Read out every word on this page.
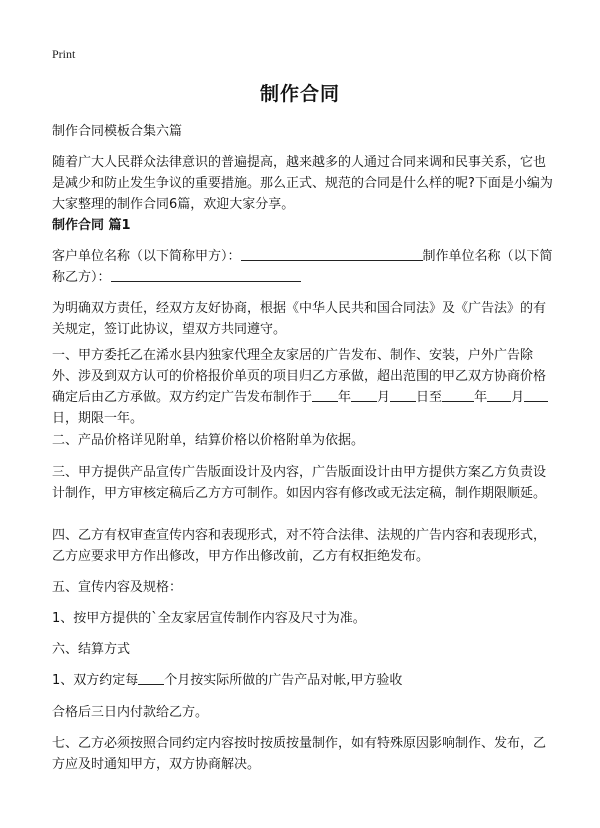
Print
制作合同

制作合同模板合集六篇

随着广大人民群众法律意识的普遍提高，越来越多的人通过合同来调和民事关系，它也是减少和防止发生争议的重要措施。那么正式、规范的合同是什么样的呢?下面是小编为大家整理的制作合同6篇，欢迎大家分享。

制作合同 篇1

客户单位名称（以下简称甲方）：	制作单位名称（以下简称乙方）：

为明确双方责任，经双方友好协商，根据《中华人民共和国合同法》及《广告法》的有关规定，签订此协议，望双方共同遵守。

一、甲方委托乙在浠水县内独家代理全友家居的广告发布、制作、安装，户外广告除外、涉及到双方认可的价格报价单页的项目归乙方承做，超出范围的甲乙双方协商价格确定后由乙方承做。双方约定广告发布制作于 年 月 日至 年 月日，期限一年。

二、产品价格详见附单，结算价格以价格附单为依据。

三、甲方提供产品宣传广告版面设计及内容，广告版面设计由甲方提供方案乙方负责设计制作，甲方审核定稿后乙方方可制作。如因内容有修改或无法定稿，制作期限顺延。

四、乙方有权审查宣传内容和表现形式，对不符合法律、法规的广告内容和表现形式，乙方应要求甲方作出修改，甲方作出修改前，乙方有权拒绝发布。

五、宣传内容及规格：

1、按甲方提供的`全友家居宣传制作内容及尺寸为准。

六、结算方式

1、双方约定每 个月按实际所做的广告产品对帐,甲方验收

合格后三日内付款给乙方。

七、乙方必须按照合同约定内容按时按质按量制作，如有特殊原因影响制作、发布，乙方应及时通知甲方，双方协商解决。
